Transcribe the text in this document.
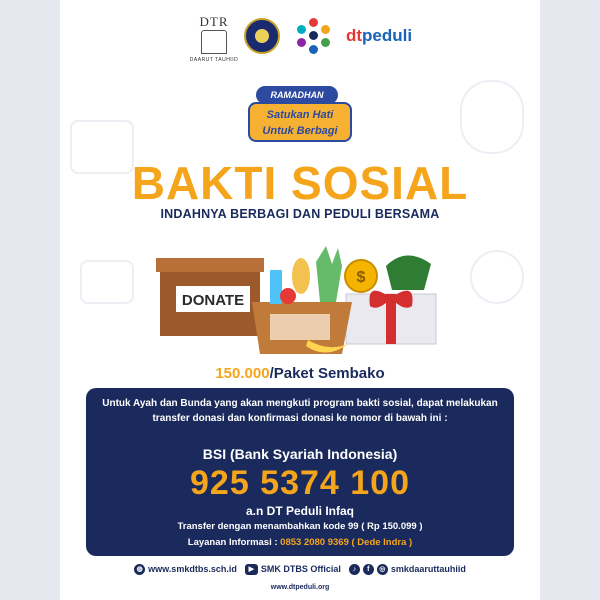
DTR
DAARUT TAUHIID
dtpeduli
Satukan Hati
Untuk Berbagi
RAMADHAN
BAKTI SOSIAL
INDAHNYA BERBAGI DAN PEDULI BERSAMA
DONATE
$
150.000/Paket Sembako
Untuk Ayah dan Bunda yang akan mengkuti program bakti sosial, dapat melakukan transfer donasi dan konfirmasi donasi ke nomor di bawah ini :
BSI (Bank Syariah Indonesia)
925 5374 100
a.n DT Peduli Infaq
Transfer dengan menambahkan kode 99 ( Rp 150.099 )
Layanan Informasi : 0853 2080 9369 ( Dede Indra )
◍ www.smkdtbs.sch.id	▶ SMK DTBS Official	♪	f	◎ smkdaaruttauhiid
www.dtpeduli.org
